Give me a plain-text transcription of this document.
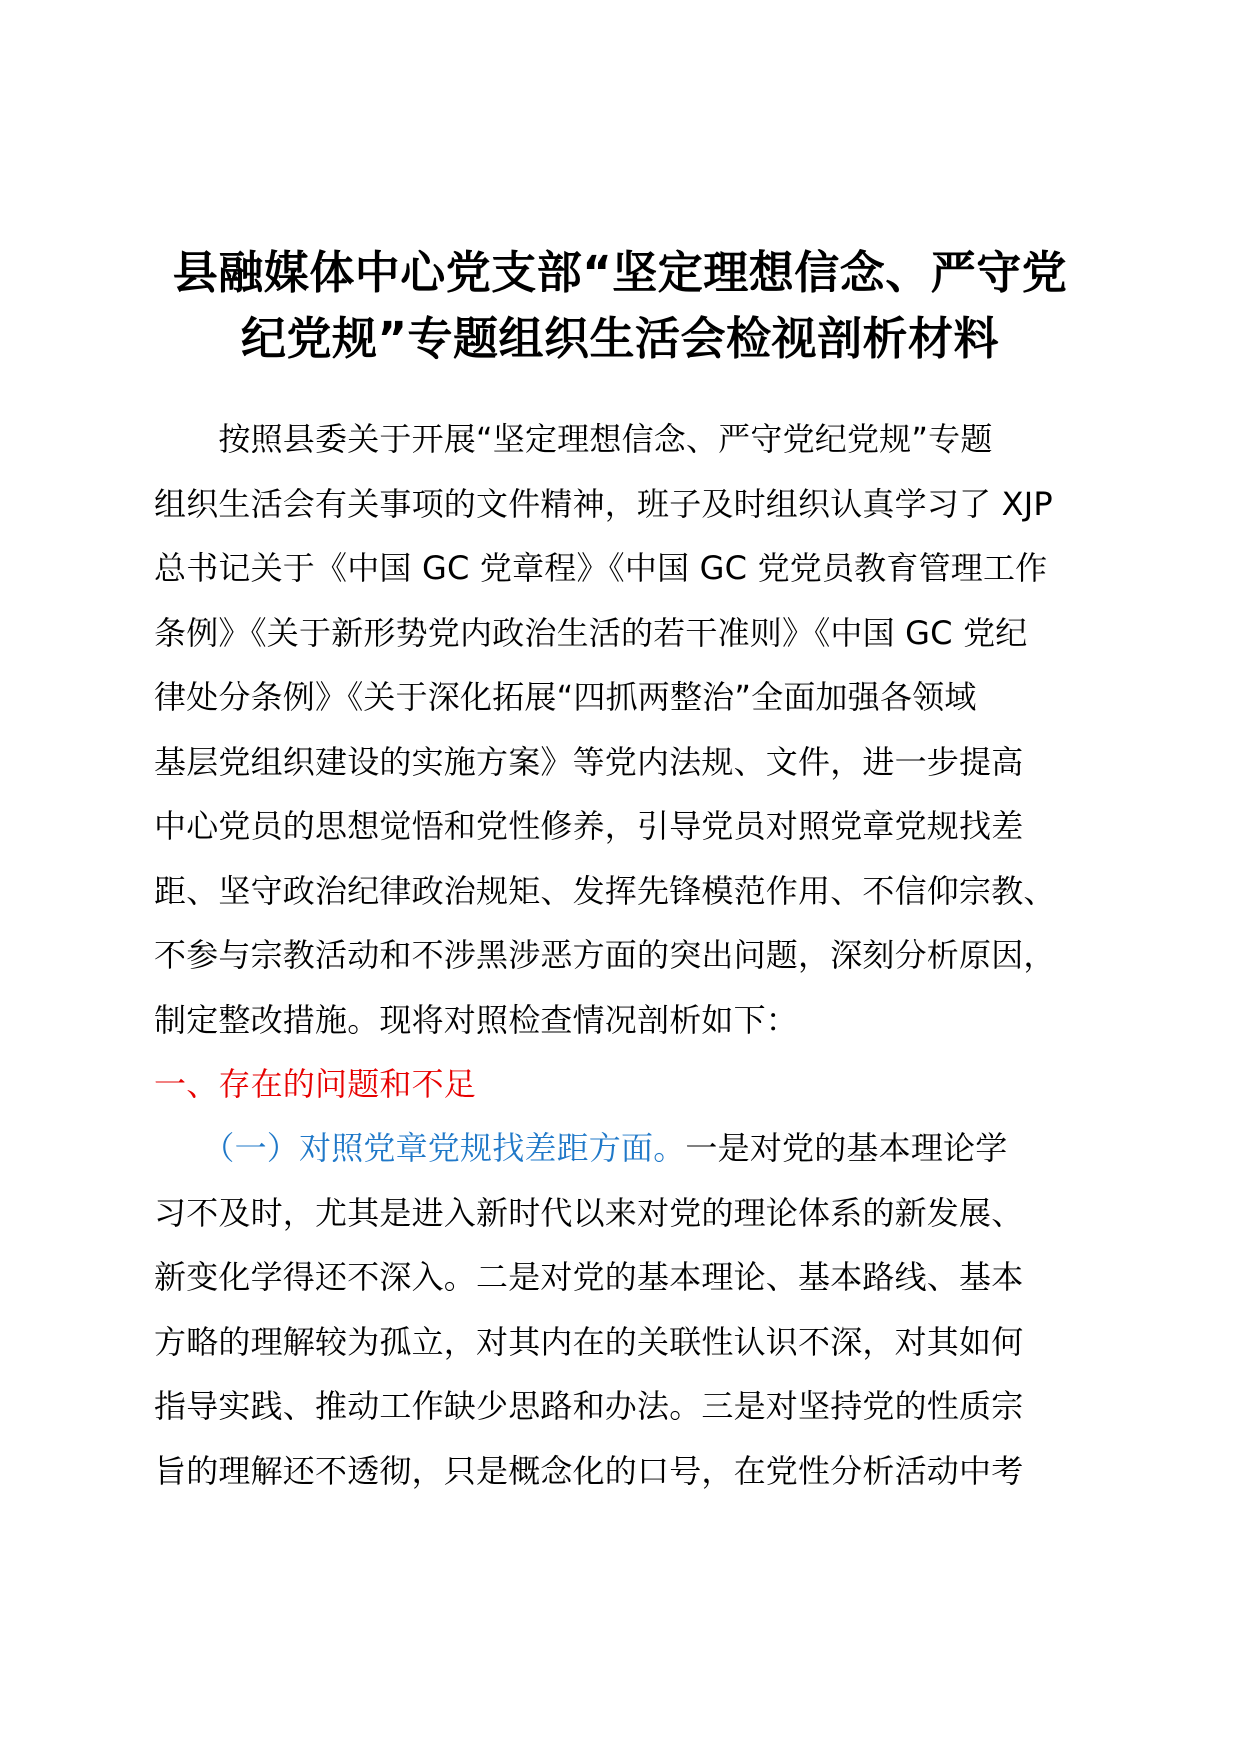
县融媒体中心党支部“坚定理想信念、严守党
纪党规”专题组织生活会检视剖析材料
　　按照县委关于开展“坚定理想信念、严守党纪党规”专题
组织生活会有关事项的文件精神，班子及时组织认真学习了 XJP
总书记关于《中国 GC 党章程》《中国 GC 党党员教育管理工作
条例》《关于新形势党内政治生活的若干准则》《中国 GC 党纪
律处分条例》《关于深化拓展“四抓两整治”全面加强各领域
基层党组织建设的实施方案》等党内法规、文件，进一步提高
中心党员的思想觉悟和党性修养，引导党员对照党章党规找差
距、坚守政治纪律政治规矩、发挥先锋模范作用、不信仰宗教、
不参与宗教活动和不涉黑涉恶方面的突出问题，深刻分析原因，
制定整改措施。现将对照检查情况剖析如下：
一、存在的问题和不足
　　（一）对照党章党规找差距方面。一是对党的基本理论学
习不及时，尤其是进入新时代以来对党的理论体系的新发展、
新变化学得还不深入。二是对党的基本理论、基本路线、基本
方略的理解较为孤立，对其内在的关联性认识不深，对其如何
指导实践、推动工作缺少思路和办法。三是对坚持党的性质宗
旨的理解还不透彻，只是概念化的口号，在党性分析活动中考
